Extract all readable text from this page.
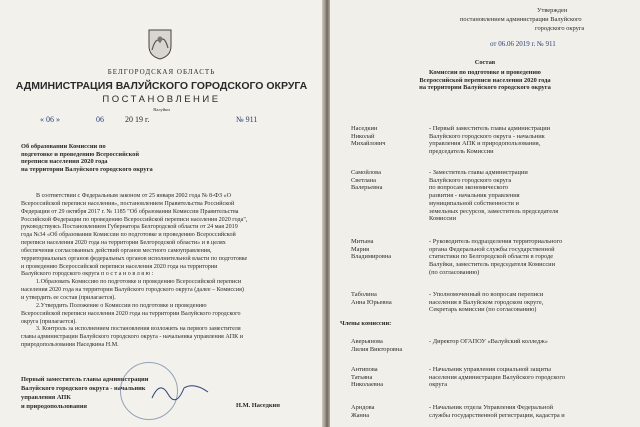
БЕЛГОРОДСКАЯ ОБЛАСТЬ
АДМИНИСТРАЦИЯ ВАЛУЙСКОГО ГОРОДСКОГО ОКРУГА
ПОСТАНОВЛЕНИЕ
Валуйки
« 06 »	06	20 19 г.	№ 911
Об образовании Комиссии по
подготовке и проведению Всероссийской
переписи населения 2020 года
на территории Валуйского городского округа
В соответствии с Федеральным законом от 25 января 2002 года № 8-ФЗ «О
Всероссийской переписи населения», постановлением Правительства Российской
Федерации от 29 октября 2017 г. № 1185 "Об образовании Комиссии Правительства
Российской Федерации по проведению Всероссийской переписи населения 2020 года",
руководствуясь Постановлением Губернатора Белгородской области от 24 мая 2019
года №34 «Об образовании Комиссии по подготовке и проведению Всероссийской
переписи населения 2020 года на территории Белгородской области» и в целях
обеспечения согласованных действий органов местного самоуправления,
территориальных органов федеральных органов исполнительной власти по подготовке
и проведению Всероссийской переписи населения 2020 года на территории
Валуйского городского округа п о с т а н о в л я ю :
1.Образовать Комиссию по подготовке и проведению Всероссийской переписи
населения 2020 года на территории Валуйского городского округа (далее – Комиссия)
и утвердить ее состав (прилагается).
2.Утвердить Положение о Комиссии по подготовке и проведению
Всероссийской переписи населения 2020 года на территории Валуйского городского
округа (прилагается).
3. Контроль за исполнением постановления возложить на первого заместителя
главы администрации Валуйского городского округа - начальника управления АПК и
природопользования Наседкина Н.М.
Первый заместитель главы администрации
Валуйского городского округа - начальник
управления АПК
и природопользования	Н.М. Наседкин
Утвержден
постановлением администрации Валуйского
городского округа
от 06.06 2019 г. № 911
Состав
Комиссии по подготовке и проведению
Всероссийской переписи населения 2020 года
на территории Валуйского городского округа
Наседкин
Николай
Михайлович
- Первый заместитель главы администрации
Валуйского городского округа - начальник
управления АПК и природопользования,
председатель Комиссии
Самойлова
Светлана
Валерьевна
- Заместитель главы администрации
Валуйского городского округа
по вопросам экономического
развития - начальник управления
муниципальной собственности и
земельных ресурсов, заместитель председателя
Комиссии
Митына
Мария
Владимировна
- Руководитель подразделения территориального
органа Федеральной службы государственной
статистики по Белгородской области в городе
Валуйки, заместитель председателя Комиссии
(по согласованию)
Таболина
Анна Юрьевна
- Уполномоченный по вопросам переписи
населения в Валуйском городском округе,
Секретарь комиссии (по согласованию)
Члены комиссии:
Аверьянова
Лилия Викторовна
- Директор ОГАПОУ «Валуйский колледж»
Антипова
Татьяна
Николаевна
- Начальник управления социальной защиты
населения администрации Валуйского городского
округа
Арндова
Жанна
- Начальник отдела Управления Федеральной
службы государственной регистрации, кадастра и
